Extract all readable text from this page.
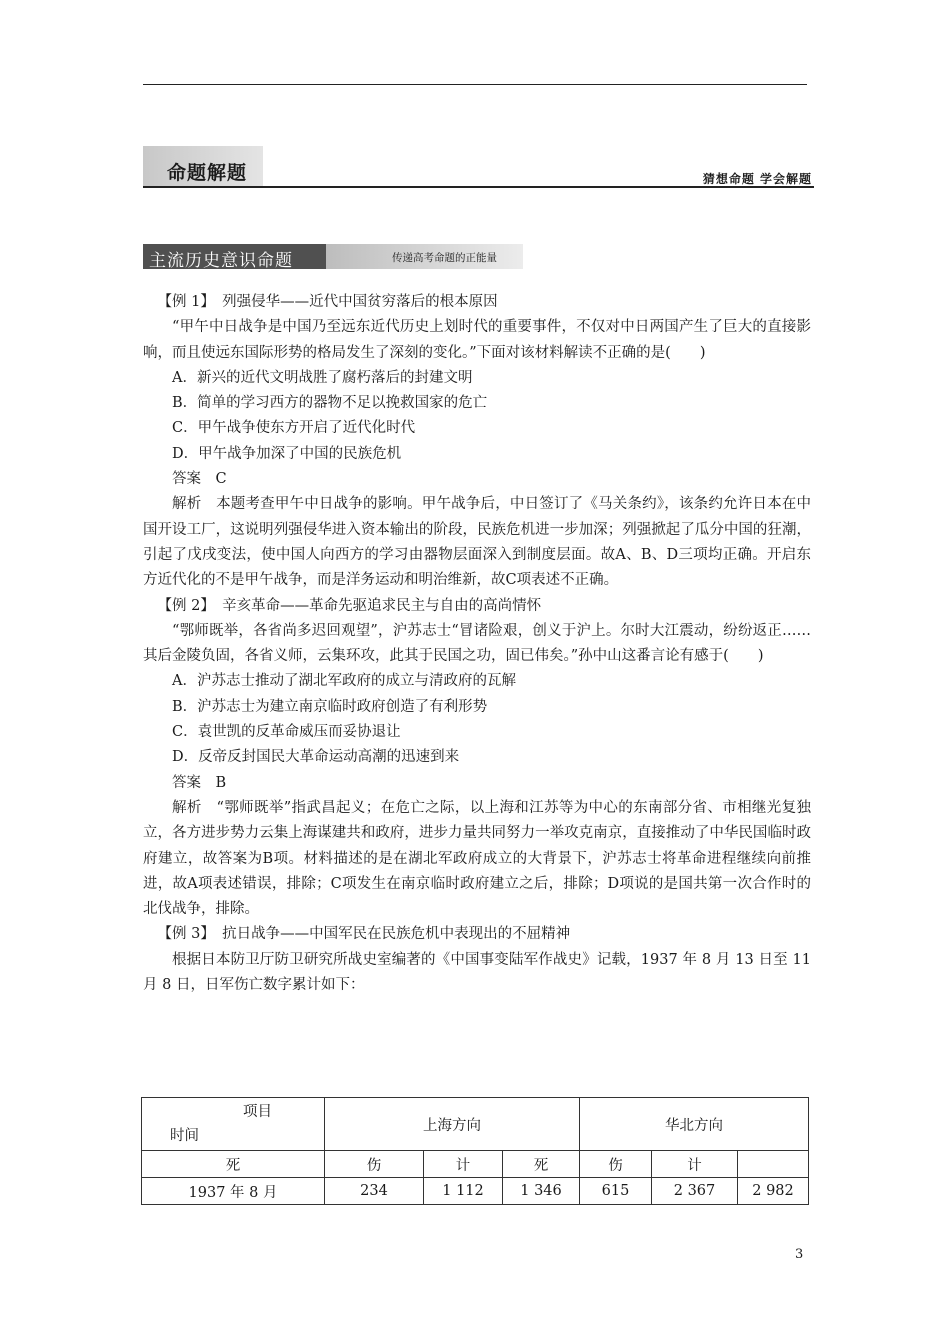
命题解题	猜想命题 学会解题
主流历史意识命题	传递高考命题的正能量

【例 1】　 列强侵华——近代中国贫穷落后的根本原因

“甲午中日战争是中国乃至远东近代历史上划时代的重要事件，不仅对中日两国产生了巨大的直接影响，而且使远东国际形势的格局发生了深刻的变化。”下面对该材料解读不正确的是(　　)

A．新兴的近代文明战胜了腐朽落后的封建文明

B．简单的学习西方的器物不足以挽救国家的危亡

C．甲午战争使东方开启了近代化时代

D．甲午战争加深了中国的民族危机

答案　C

解析　本题考查甲午中日战争的影响。甲午战争后，中日签订了《马关条约》，该条约允许日本在中国开设工厂，这说明列强侵华进入资本输出的阶段，民族危机进一步加深；列强掀起了瓜分中国的狂潮，引起了戊戌变法，使中国人向西方的学习由器物层面深入到制度层面。故A、B、D三项均正确。开启东方近代化的不是甲午战争，而是洋务运动和明治维新，故C项表述不正确。

【例 2】　 辛亥革命——革命先驱追求民主与自由的高尚情怀

“鄂师既举，各省尚多迟回观望”，沪苏志士“冒诸险艰，创义于沪上。尔时大江震动，纷纷返正……其后金陵负固，各省义师，云集环攻，此其于民国之功，固已伟矣。”孙中山这番言论有感于(　　)

A．沪苏志士推动了湖北军政府的成立与清政府的瓦解

B．沪苏志士为建立南京临时政府创造了有利形势

C．袁世凯的反革命威压而妥协退让

D．反帝反封国民大革命运动高潮的迅速到来

答案　B

解析　“鄂师既举”指武昌起义；在危亡之际，以上海和江苏等为中心的东南部分省、市相继光复独立，各方进步势力云集上海谋建共和政府，进步力量共同努力一举攻克南京，直接推动了中华民国临时政府建立，故答案为B项。材料描述的是在湖北军政府成立的大背景下，沪苏志士将革命进程继续向前推进，故A项表述错误，排除；C项发生在南京临时政府建立之后，排除；D项说的是国共第一次合作时的北伐战争，排除。

【例 3】　 抗日战争——中国军民在民族危机中表现出的不屈精神

根据日本防卫厅防卫研究所战史室编著的《中国事变陆军作战史》记载，1937 年 8 月 13 日至 11 月 8 日，日军伤亡数字累计如下：

项目
时间	上海方向			华北方向		
死	伤	计	死	伤	计	
1937 年 8 月	234	1 112	1 346	615	2 367	2 982
3
